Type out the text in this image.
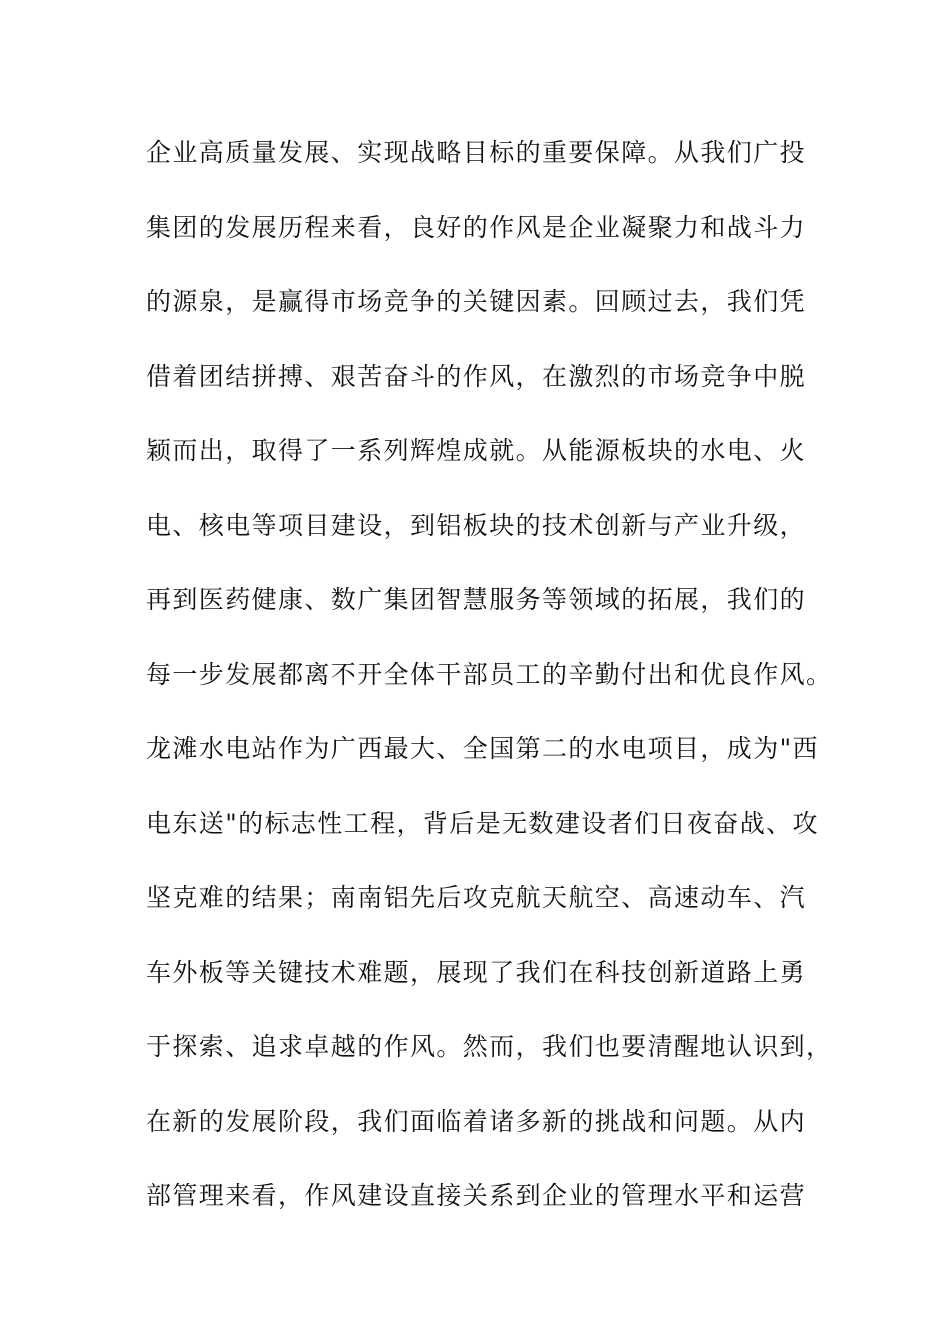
企业高质量发展、实现战略目标的重要保障。从我们广投
集团的发展历程来看，良好的作风是企业凝聚力和战斗力
的源泉，是赢得市场竞争的关键因素。回顾过去，我们凭
借着团结拼搏、艰苦奋斗的作风，在激烈的市场竞争中脱
颖而出，取得了一系列辉煌成就。从能源板块的水电、火
电、核电等项目建设，到铝板块的技术创新与产业升级，
再到医药健康、数广集团智慧服务等领域的拓展，我们的
每一步发展都离不开全体干部员工的辛勤付出和优良作风。
龙滩水电站作为广西最大、全国第二的水电项目，成为"西
电东送"的标志性工程，背后是无数建设者们日夜奋战、攻
坚克难的结果；南南铝先后攻克航天航空、高速动车、汽
车外板等关键技术难题，展现了我们在科技创新道路上勇
于探索、追求卓越的作风。然而，我们也要清醒地认识到，
在新的发展阶段，我们面临着诸多新的挑战和问题。从内
部管理来看，作风建设直接关系到企业的管理水平和运营
